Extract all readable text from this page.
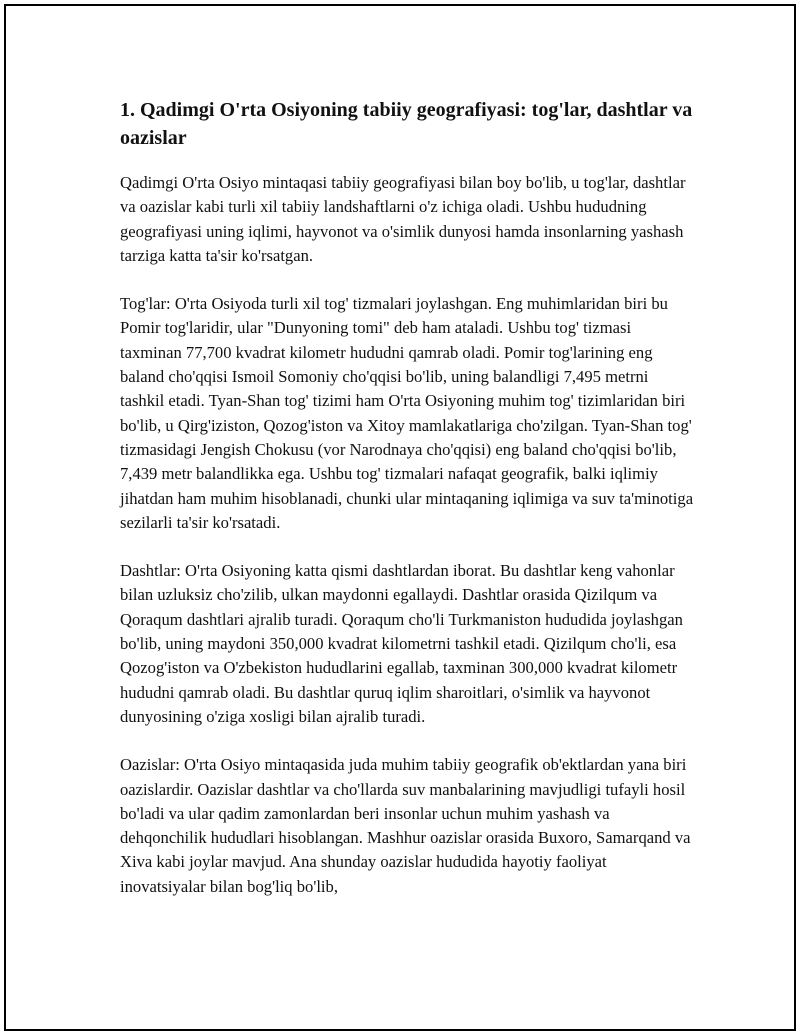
1. Qadimgi O'rta Osiyoning tabiiy geografiyasi: tog'lar, dashtlar va oazislar

Qadimgi O'rta Osiyo mintaqasi tabiiy geografiyasi bilan boy bo'lib, u tog'lar, dashtlar va oazislar kabi turli xil tabiiy landshaftlarni o'z ichiga oladi. Ushbu hududning geografiyasi uning iqlimi, hayvonot va o'simlik dunyosi hamda insonlarning yashash tarziga katta ta'sir ko'rsatgan.

Tog'lar: O'rta Osiyoda turli xil tog' tizmalari joylashgan. Eng muhimlaridan biri bu Pomir tog'laridir, ular "Dunyoning tomi" deb ham ataladi. Ushbu tog' tizmasi taxminan 77,700 kvadrat kilometr hududni qamrab oladi. Pomir tog'larining eng baland cho'qqisi Ismoil Somoniy cho'qqisi bo'lib, uning balandligi 7,495 metrni tashkil etadi. Tyan-Shan tog' tizimi ham O'rta Osiyoning muhim tog' tizimlaridan biri bo'lib, u Qirg'iziston, Qozog'iston va Xitoy mamlakatlariga cho'zilgan. Tyan-Shan tog' tizmasidagi Jengish Chokusu (vor Narodnaya cho'qqisi) eng baland cho'qqisi bo'lib, 7,439 metr balandlikka ega. Ushbu tog' tizmalari nafaqat geografik, balki iqlimiy jihatdan ham muhim hisoblanadi, chunki ular mintaqaning iqlimiga va suv ta'minotiga sezilarli ta'sir ko'rsatadi.

Dashtlar: O'rta Osiyoning katta qismi dashtlardan iborat. Bu dashtlar keng vahonlar bilan uzluksiz cho'zilib, ulkan maydonni egallaydi. Dashtlar orasida Qizilqum va Qoraqum dashtlari ajralib turadi. Qoraqum cho'li Turkmaniston hududida joylashgan bo'lib, uning maydoni 350,000 kvadrat kilometrni tashkil etadi. Qizilqum cho'li, esa Qozog'iston va O'zbekiston hududlarini egallab, taxminan 300,000 kvadrat kilometr hududni qamrab oladi. Bu dashtlar quruq iqlim sharoitlari, o'simlik va hayvonot dunyosining o'ziga xosligi bilan ajralib turadi.

Oazislar: O'rta Osiyo mintaqasida juda muhim tabiiy geografik ob'ektlardan yana biri oazislardir. Oazislar dashtlar va cho'llarda suv manbalarining mavjudligi tufayli hosil bo'ladi va ular qadim zamonlardan beri insonlar uchun muhim yashash va dehqonchilik hududlari hisoblangan. Mashhur oazislar orasida Buxoro, Samarqand va Xiva kabi joylar mavjud. Ana shunday oazislar hududida hayotiy faoliyat inovatsiyalar bilan bog'liq bo'lib,
